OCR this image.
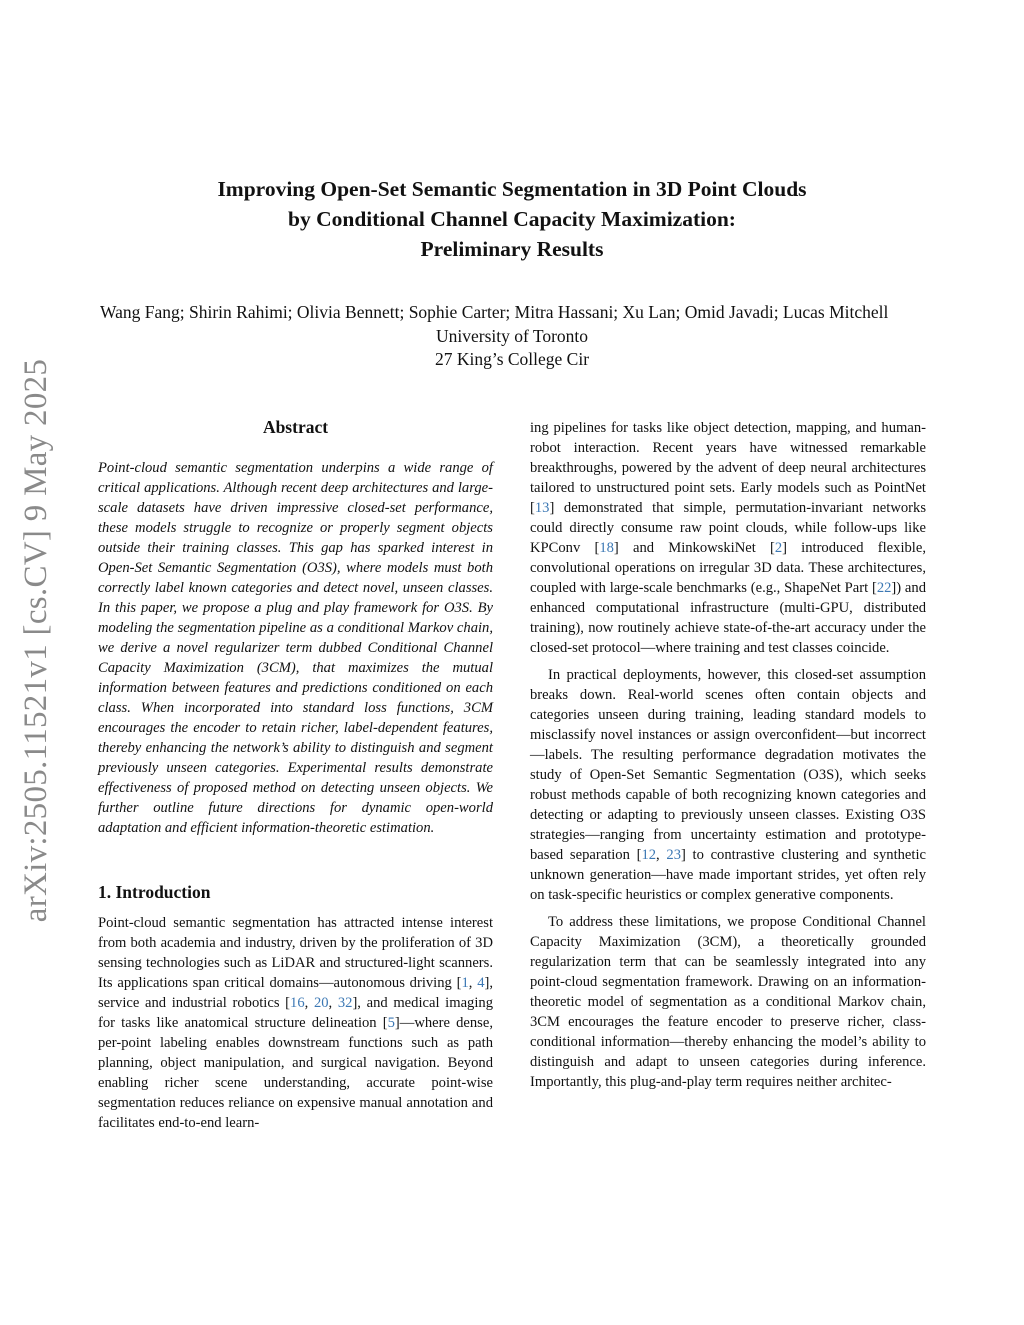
arXiv:2505.11521v1 [cs.CV] 9 May 2025
Improving Open-Set Semantic Segmentation in 3D Point Clouds
by Conditional Channel Capacity Maximization:
Preliminary Results
Wang Fang; Shirin Rahimi; Olivia Bennett; Sophie Carter; Mitra Hassani; Xu Lan; Omid Javadi; Lucas Mitchell
University of Toronto
27 King’s College Cir
Abstract

Point-cloud semantic segmentation underpins a wide range of critical applications. Although recent deep architectures and large-scale datasets have driven impressive closed-set performance, these models struggle to recognize or properly segment objects outside their training classes. This gap has sparked interest in Open-Set Semantic Segmentation (O3S), where models must both correctly label known categories and detect novel, unseen classes. In this paper, we propose a plug and play framework for O3S. By modeling the segmentation pipeline as a conditional Markov chain, we derive a novel regularizer term dubbed Conditional Channel Capacity Maximization (3CM), that maximizes the mutual information between features and predictions conditioned on each class. When incorporated into standard loss functions, 3CM encourages the encoder to retain richer, label-dependent features, thereby enhancing the network’s ability to distinguish and segment previously unseen categories. Experimental results demonstrate effectiveness of proposed method on detecting unseen objects. We further outline future directions for dynamic open-world adaptation and efficient information-theoretic estimation.

1. Introduction

Point-cloud semantic segmentation has attracted intense interest from both academia and industry, driven by the proliferation of 3D sensing technologies such as LiDAR and structured-light scanners. Its applications span critical domains—autonomous driving [1, 4], service and industrial robotics [16, 20, 32], and medical imaging for tasks like anatomical structure delineation [5]—where dense, per-point labeling enables downstream functions such as path planning, object manipulation, and surgical navigation. Beyond enabling richer scene understanding, accurate point-wise segmentation reduces reliance on expensive manual annotation and facilitates end-to-end learn-

ing pipelines for tasks like object detection, mapping, and human-robot interaction. Recent years have witnessed remarkable breakthroughs, powered by the advent of deep neural architectures tailored to unstructured point sets. Early models such as PointNet [13] demonstrated that simple, permutation-invariant networks could directly consume raw point clouds, while follow-ups like KPConv [18] and MinkowskiNet [2] introduced flexible, convolutional operations on irregular 3D data. These architectures, coupled with large-scale benchmarks (e.g., ShapeNet Part [22]) and enhanced computational infrastructure (multi-GPU, distributed training), now routinely achieve state-of-the-art accuracy under the closed-set protocol—where training and test classes coincide.

In practical deployments, however, this closed-set assumption breaks down. Real-world scenes often contain objects and categories unseen during training, leading standard models to misclassify novel instances or assign overconfident—but incorrect—labels. The resulting performance degradation motivates the study of Open-Set Semantic Segmentation (O3S), which seeks robust methods capable of both recognizing known categories and detecting or adapting to previously unseen classes. Existing O3S strategies—ranging from uncertainty estimation and prototype-based separation [12, 23] to contrastive clustering and synthetic unknown generation—have made important strides, yet often rely on task-specific heuristics or complex generative components.

To address these limitations, we propose Conditional Channel Capacity Maximization (3CM), a theoretically grounded regularization term that can be seamlessly integrated into any point-cloud segmentation framework. Drawing on an information-theoretic model of segmentation as a conditional Markov chain, 3CM encourages the feature encoder to preserve richer, class-conditional information—thereby enhancing the model’s ability to distinguish and adapt to unseen categories during inference. Importantly, this plug-and-play term requires neither architec-
